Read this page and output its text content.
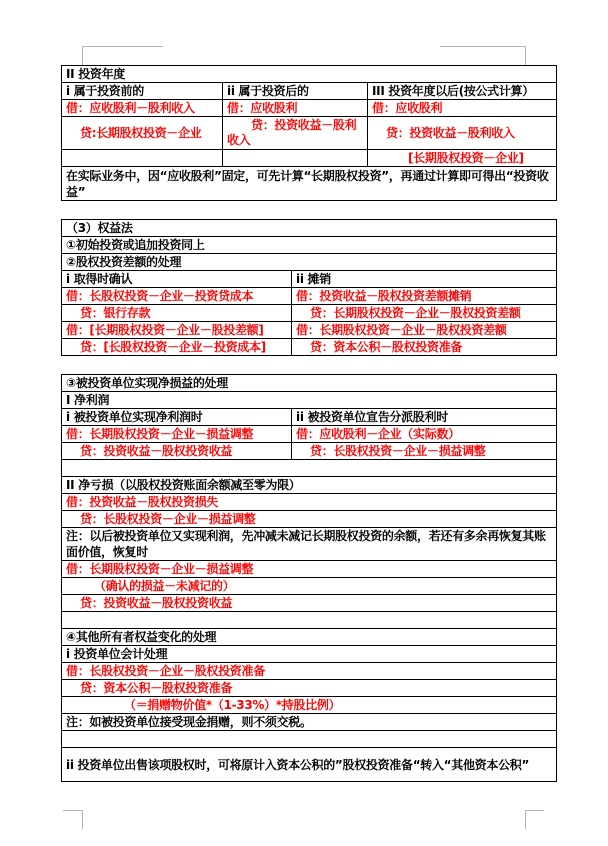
II 投资年度		
i 属于投资前的	ii 属于投资后的	III 投资年度以后(按公式计算）
借：应收股利－股利收入	借：应收股利	借：应收股利
贷:长期股权投资－企业	贷：投资收益－股利收入	贷：投资收益－股利收入
		[长期股权投资－企业]
在实际业务中，因“应收股利”固定，可先计算“长期股权投资”，再通过计算即可得出“投资收益”		
（3）权益法	
①初始投资或追加投资同上	
②股权投资差额的处理	
i 取得时确认	ii 摊销
借：长股权投资－企业－投资贷成本	借：投资收益－股权投资差额摊销
贷：银行存款	贷：长期股权投资－企业－股权投资差额
借：[长期股权投资－企业－股投差额]	借：长期股权投资－企业－股权投资差额
贷：[长股权投资－企业－投资成本]	贷：资本公积－股权投资准备
③被投资单位实现净损益的处理	
I 净利润	
i 被投资单位实现净利润时	ii 被投资单位宣告分派股利时
借：长期股权投资－企业－损益调整	借：应收股利－企业（实际数）
贷：投资收益－股权投资收益	贷：长股权投资－企业－损益调整

II 净亏损（以股权投资账面余额减至零为限）	
借：投资收益－股权投资损失	
贷：长股权投资－企业－损益调整	
注：以后被投资单位又实现利润，先冲减未减记长期股权投资的余额，若还有多余再恢复其账面价值，恢复时	
借：长期股权投资－企业－损益调整	
（确认的损益－未减记的）	
贷：投资收益－股权投资收益	

④其他所有者权益变化的处理	
i 投资单位会计处理	
借：长股权投资－企业－股权投资准备	
贷：资本公积－股权投资准备	
（＝捐赠物价值*（1-33%）*持股比例）	
注：如被投资单位接受现金捐赠，则不须交税。	

ii 投资单位出售该项股权时，可将原计入资本公积的”股权投资准备“转入“其他资本公积”	
